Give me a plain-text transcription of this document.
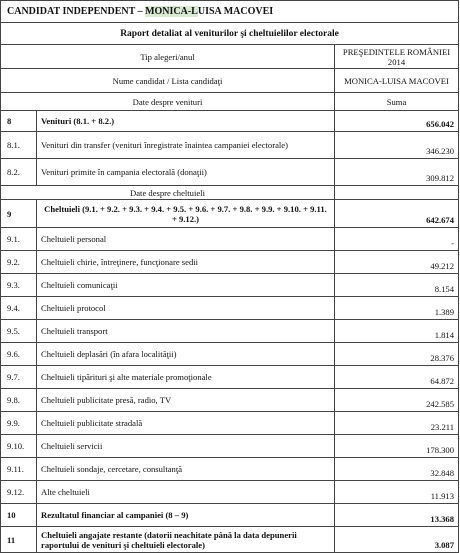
CANDIDAT INDEPENDENT – MONICA-LUISA MACOVEI		
Raport detaliat al veniturilor şi cheltuielilor electorale		
Tip alegeri/anul		PREŞEDINTELE ROMÂNIEI 2014
Nume candidat / Lista candidaţi		MONICA-LUISA MACOVEI
Date despre venituri		Suma
8	Venituri (8.1. + 8.2.)	656.042
8.1.	Venituri din transfer (venituri înregistrate înaintea campaniei electorale)	346.230
8.2.	Venituri primite în campania electorală (donaţii)	309.812
Date despre cheltuieli		
9	Cheltuieli (9.1. + 9.2. + 9.3. + 9.4. + 9.5. + 9.6. + 9.7. + 9.8. + 9.9. + 9.10. + 9.11. + 9.12.)	642.674
9.1.	Cheltuieli personal	-
9.2.	Cheltuieli chirie, întreţinere, funcţionare sedii	49.212
9.3.	Cheltuieli comunicaţii	8.154
9.4.	Cheltuieli protocol	1.389
9.5.	Cheltuieli transport	1.814
9.6.	Cheltuieli deplasări (în afara localităţii)	28.376
9.7.	Cheltuieli tipărituri şi alte materiale promoţionale	64.872
9.8.	Cheltuieli publicitate presă, radio, TV	242.585
9.9.	Cheltuieli publicitate stradală	23.211
9.10.	Cheltuieli servicii	178.300
9.11.	Cheltuieli sondaje, cercetare, consultanţă	32.848
9.12.	Alte cheltuieli	11.913
10	Rezultatul financiar al campaniei (8 – 9)	13.368
11	Cheltuieli angajate restante (datorii neachitate până la data depunerii raportului de venituri şi cheltuieli electorale)	3.087
